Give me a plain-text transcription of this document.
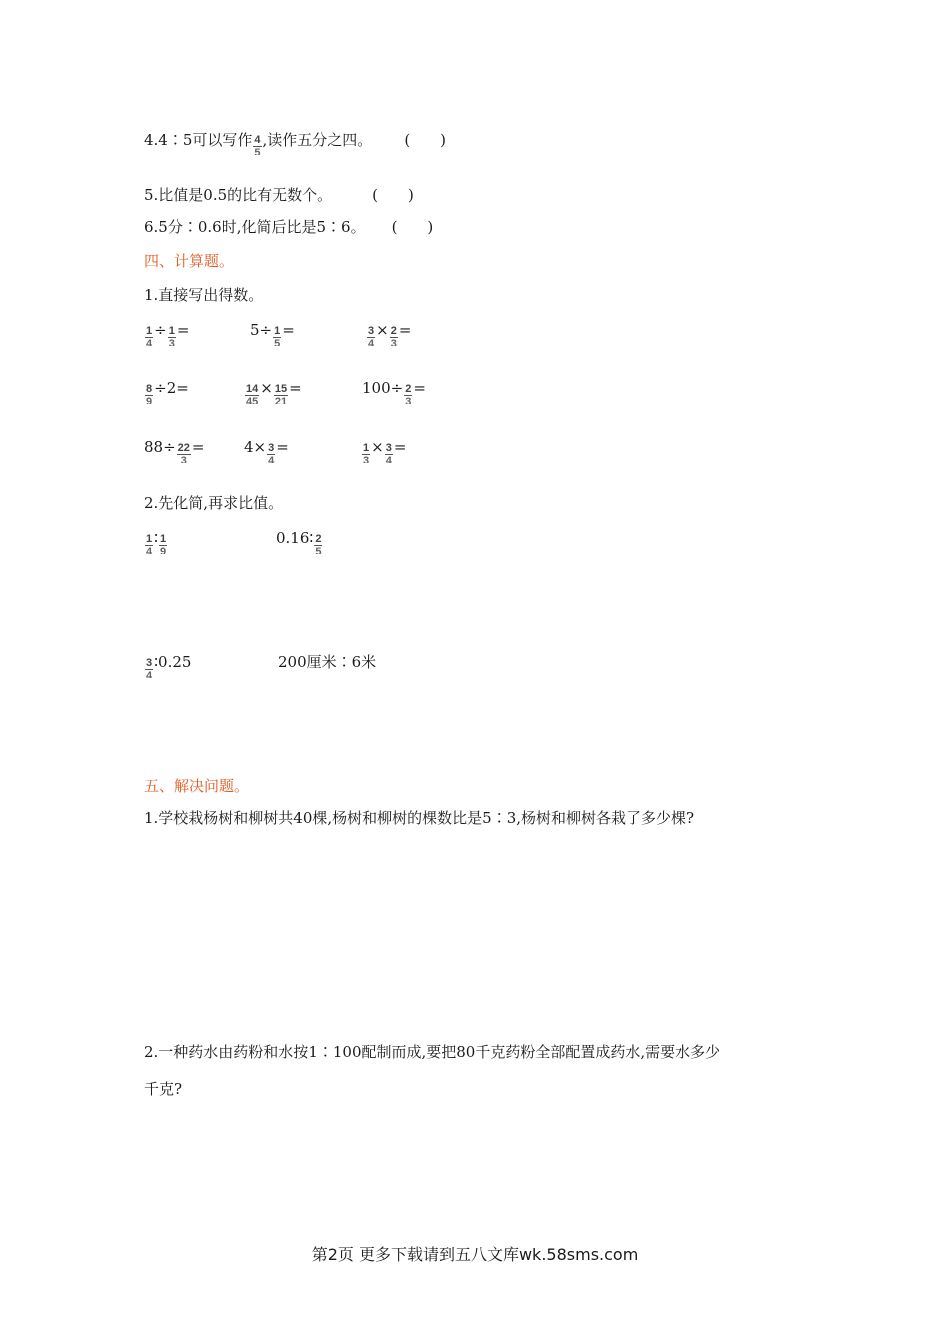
4.4∶5可以写作 $\frac{4}{5}$ ,读作五分之四。 (　　)
5.比值是0.5的比有无数个。	(　　)
6.5分∶0.6时,化简后比是5∶6。 (　　)
四、计算题。
1.直接写出得数。
$\frac{1}{4} \div \frac{1}{3}$ =	$5\div \frac{1}{5}$ =	$\frac{3}{4} \times \frac{2}{3}$ =
$\frac{8}{9} \div 2=$	$\frac{14}{45} \times \frac{15}{21}$ =	$100\div \frac{2}{3}$ =
$88\div \frac{22}{3}$ =	$4\times \frac{3}{4}$ =	$\frac{1}{3} \times \frac{3}{4}$ =
2.先化简,再求比值。
$\frac{1}{4}$ ∶ $\frac{1}{9}$	0.16∶ $\frac{2}{5}$
$\frac{3}{4}$ ∶0.25	200厘米∶6米
五、解决问题。
1.学校栽杨树和柳树共40棵,杨树和柳树的棵数比是5∶3,杨树和柳树各栽了多少棵?
2.一种药水由药粉和水按1∶100配制而成,要把80千克药粉全部配置成药水,需要水多少
千克?
第2页 更多下载请到五八文库wk.58sms.com
